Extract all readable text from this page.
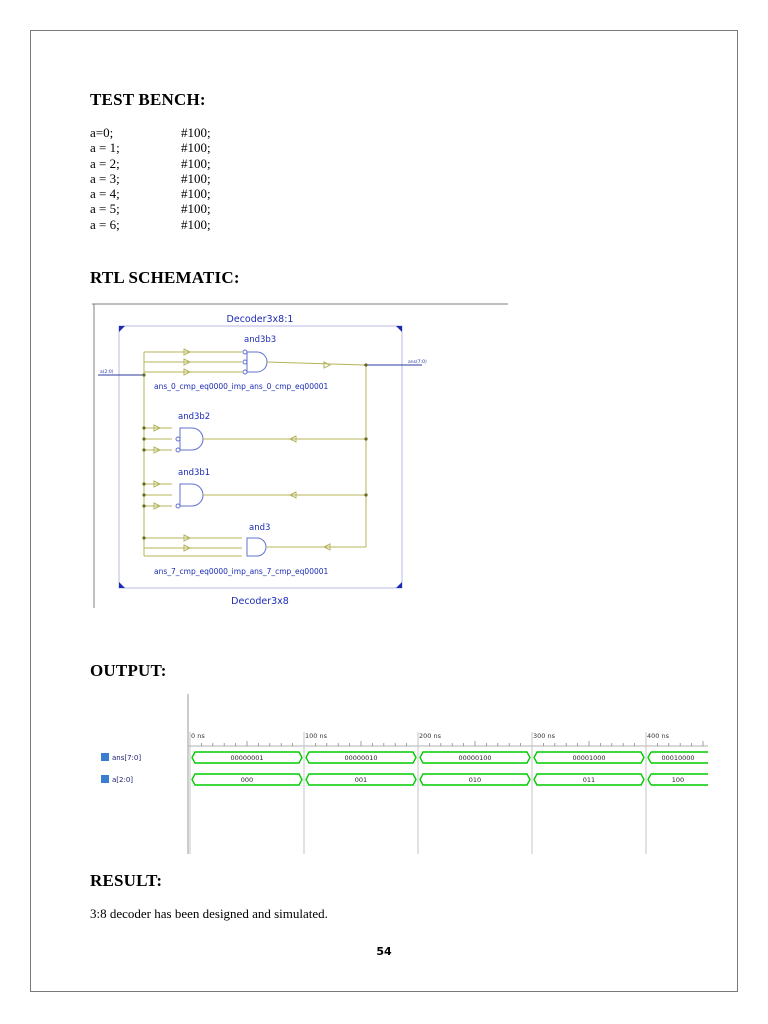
TEST BENCH:
a=0;	#100;
a = 1;	#100;
a = 2;	#100;
a = 3;	#100;
a = 4;	#100;
a = 5;	#100;
a = 6;	#100;
RTL SCHEMATIC:
Decoder3x8:1
Decoder3x8
a(2:0)
ans(7:0)
and3b3
ans_0_cmp_eq0000_imp_ans_0_cmp_eq00001
and3b2
and3b1
and3
ans_7_cmp_eq0000_imp_ans_7_cmp_eq00001
OUTPUT:
0 ns	100 ns	200 ns	300 ns	400 ns
ans[7:0]
a[2:0]
00000001	00000010	00000100	00001000	00010000
000	001	010	011	100
RESULT:
3:8 decoder has been designed and simulated.
54
